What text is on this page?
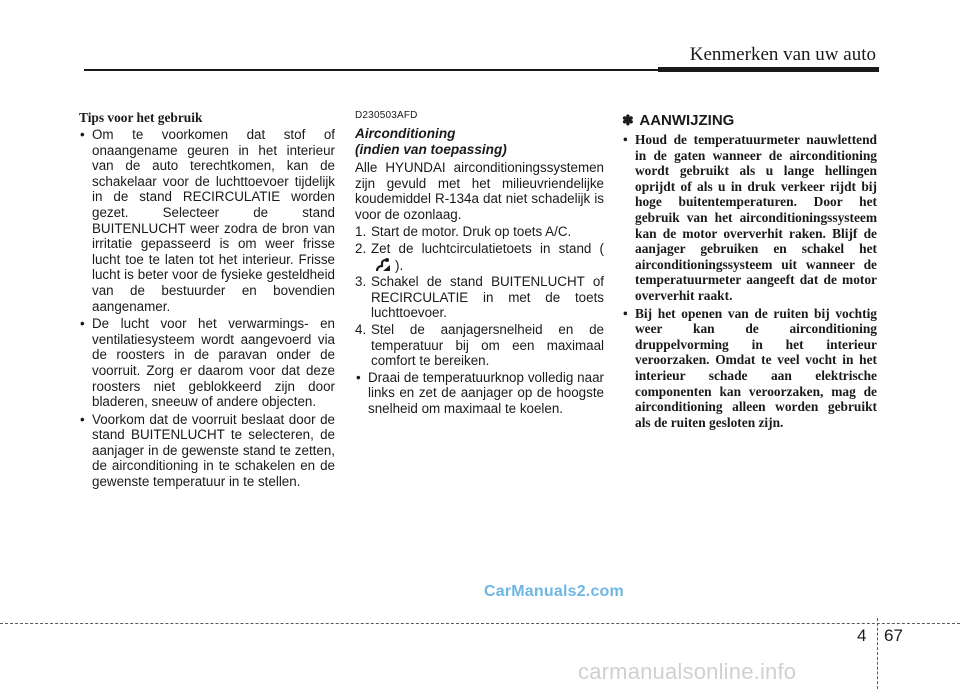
Kenmerken van uw auto
Tips voor het gebruik
• Om te voorkomen dat stof of onaangename geuren in het interieur van de auto terechtkomen, kan de schakelaar voor de luchttoevoer tijdelijk in de stand RECIRCULATIE worden gezet. Selecteer de stand BUITENLUCHT weer zodra de bron van irritatie gepasseerd is om weer frisse lucht toe te laten tot het interieur. Frisse lucht is beter voor de fysieke gesteldheid van de bestuurder en bovendien aangenamer.
• De lucht voor het verwarmings- en ventilatiesysteem wordt aangevoerd via de roosters in de paravan onder de voorruit. Zorg er daarom voor dat deze roosters niet geblokkeerd zijn door bladeren, sneeuw of andere objecten.
• Voorkom dat de voorruit beslaat door de stand BUITENLUCHT te selecteren, de aanjager in de gewenste stand te zetten, de airconditioning in te schakelen en de gewenste temperatuur in te stellen.
D230503AFD
Airconditioning
(indien van toepassing)
Alle HYUNDAI airconditioningssystemen zijn gevuld met het milieuvriendelijke koudemiddel R-134a dat niet schadelijk is voor de ozonlaag.
1. Start de motor. Druk op toets A/C.
2. Zet de luchtcirculatietoets in stand ().
3. Schakel de stand BUITENLUCHT of RECIRCULATIE in met de toets luchttoevoer.
4. Stel de aanjagersnelheid en de temperatuur bij om een maximaal comfort te bereiken.
• Draai de temperatuurknop volledig naar links en zet de aanjager op de hoogste snelheid om maximaal te koelen.
✽ AANWIJZING
• Houd de temperatuurmeter nauwlettend in de gaten wanneer de airconditioning wordt gebruikt als u lange hellingen oprijdt of als u in druk verkeer rijdt bij hoge buitentemperaturen. Door het gebruik van het airconditioningssysteem kan de motor oververhit raken. Blijf de aanjager gebruiken en schakel het airconditioningssysteem uit wanneer de temperatuurmeter aangeeft dat de motor oververhit raakt.
• Bij het openen van de ruiten bij vochtig weer kan de airconditioning druppelvorming in het interieur veroorzaken. Omdat te veel vocht in het interieur schade aan elektrische componenten kan veroorzaken, mag de airconditioning alleen worden gebruikt als de ruiten gesloten zijn.
CarManuals2.com
4 67
carmanualsonline.info
